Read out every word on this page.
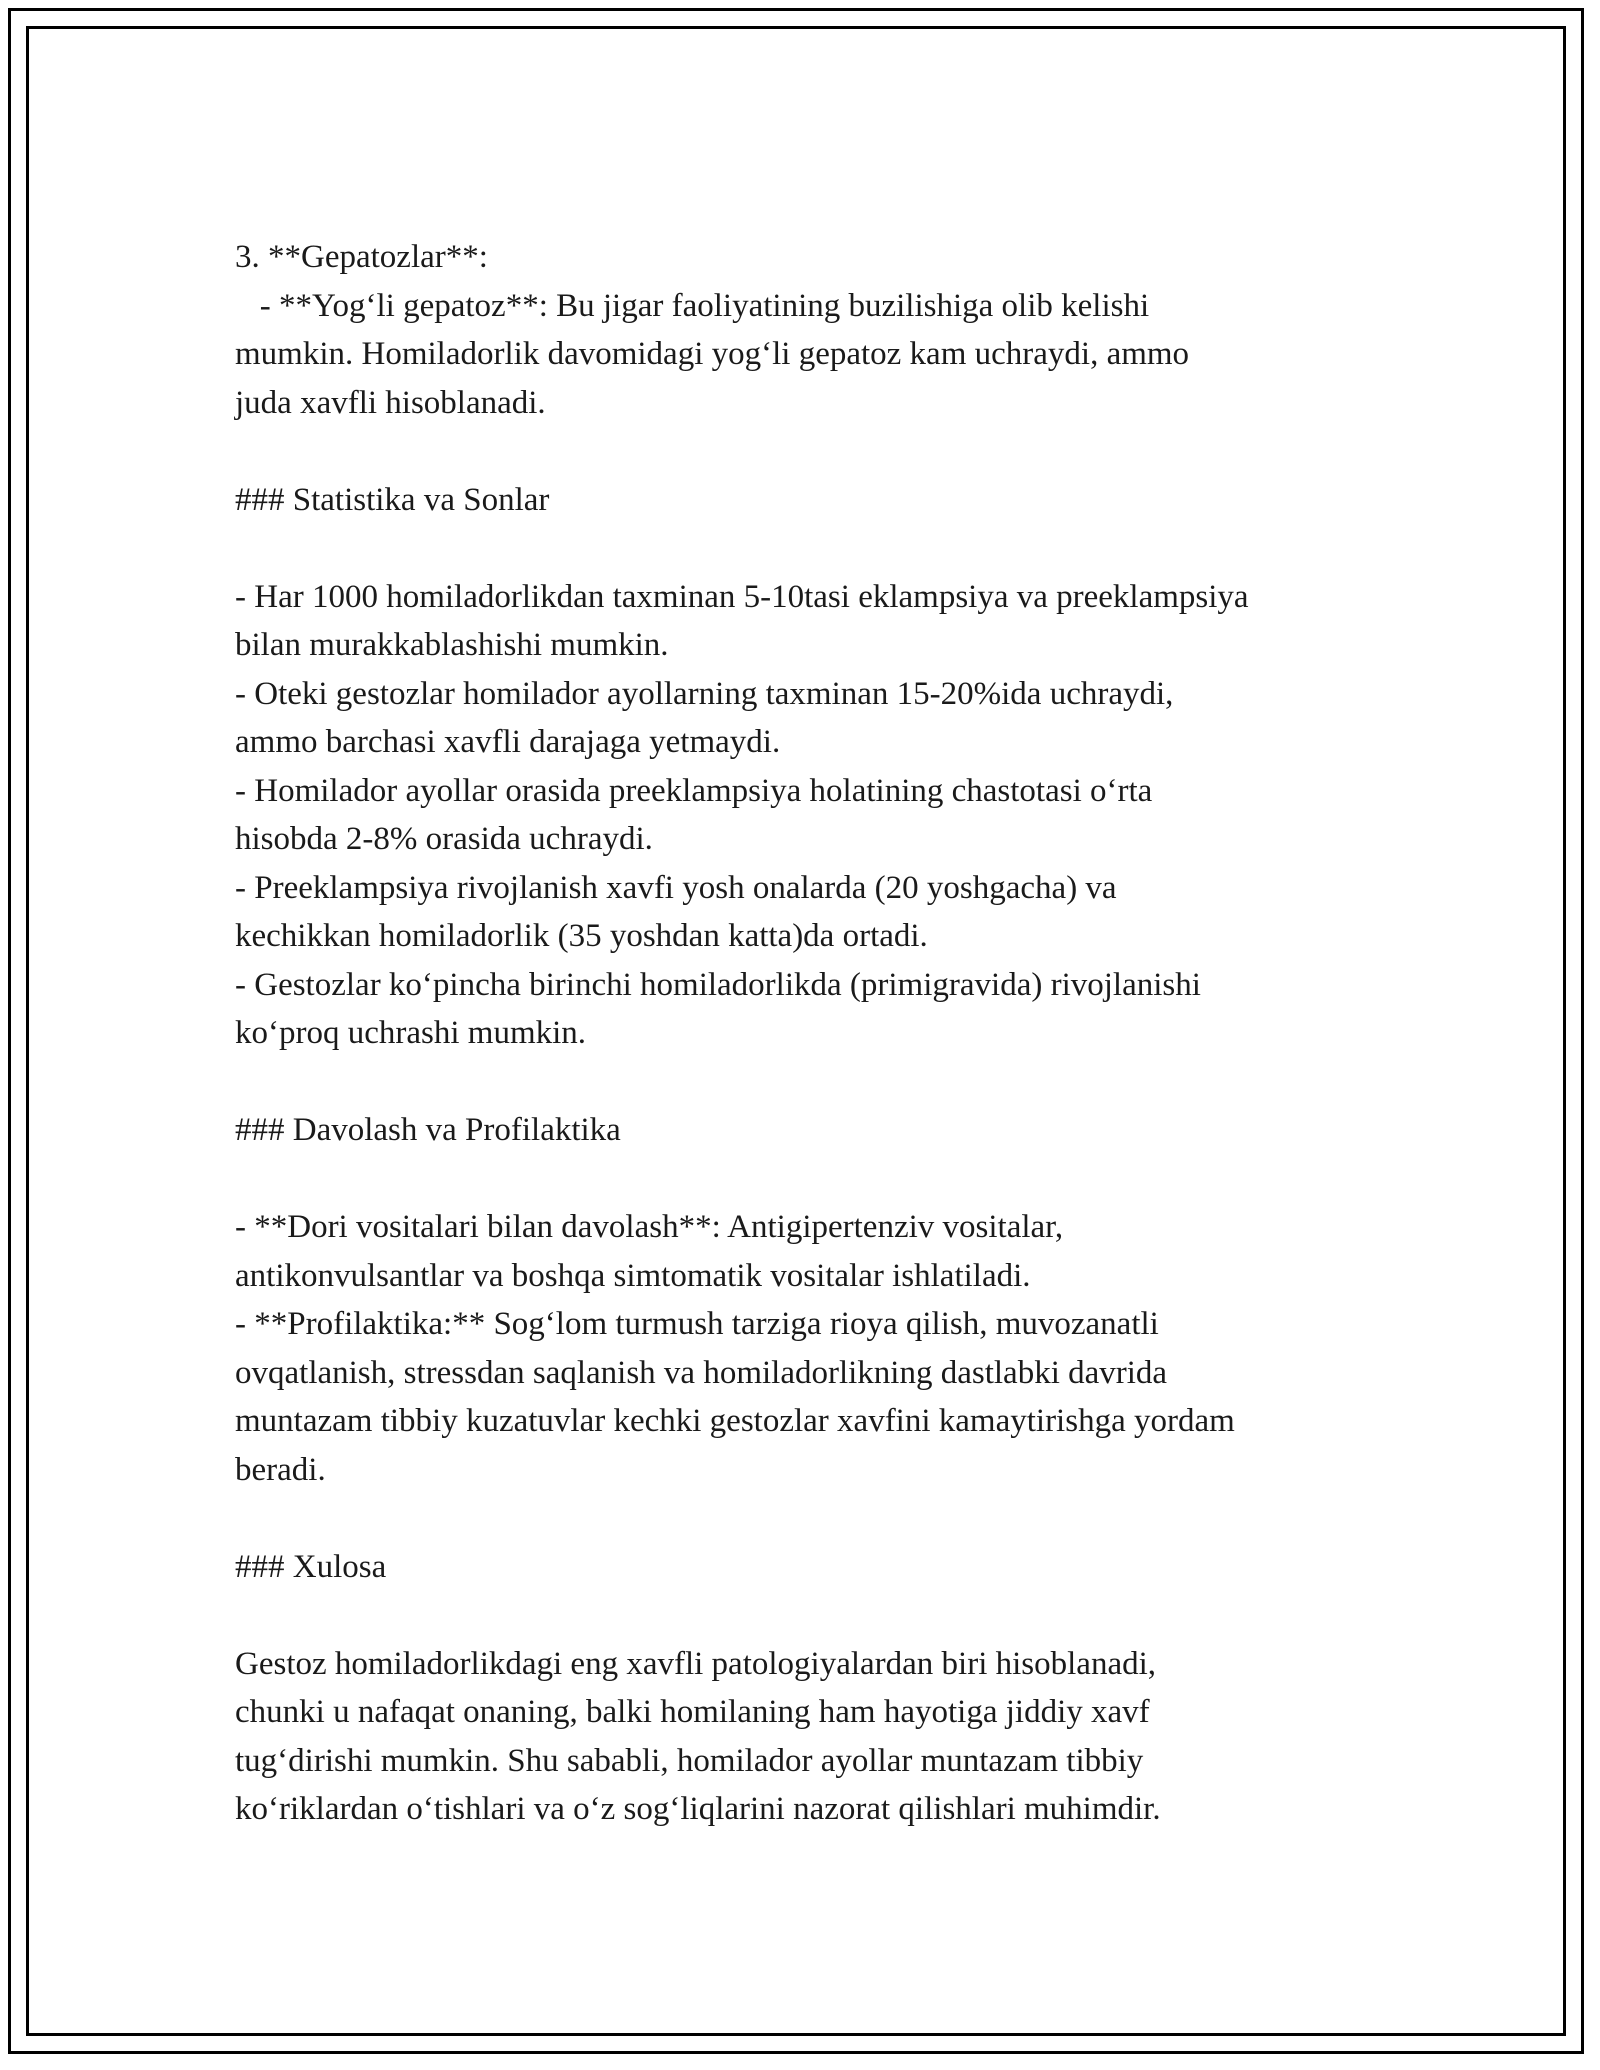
3. **Gepatozlar**:
- **Yog‘li gepatoz**: Bu jigar faoliyatining buzilishiga olib kelishi
mumkin. Homiladorlik davomidagi yog‘li gepatoz kam uchraydi, ammo
juda xavfli hisoblanadi.
### Statistika va Sonlar
- Har 1000 homiladorlikdan taxminan 5-10tasi eklampsiya va preeklampsiya
bilan murakkablashishi mumkin.
- Oteki gestozlar homilador ayollarning taxminan 15-20%ida uchraydi,
ammo barchasi xavfli darajaga yetmaydi.
- Homilador ayollar orasida preeklampsiya holatining chastotasi o‘rta
hisobda 2-8% orasida uchraydi.
- Preeklampsiya rivojlanish xavfi yosh onalarda (20 yoshgacha) va
kechikkan homiladorlik (35 yoshdan katta)da ortadi.
- Gestozlar ko‘pincha birinchi homiladorlikda (primigravida) rivojlanishi
ko‘proq uchrashi mumkin.
### Davolash va Profilaktika
- **Dori vositalari bilan davolash**: Antigipertenziv vositalar,
antikonvulsantlar va boshqa simtomatik vositalar ishlatiladi.
- **Profilaktika:** Sog‘lom turmush tarziga rioya qilish, muvozanatli
ovqatlanish, stressdan saqlanish va homiladorlikning dastlabki davrida
muntazam tibbiy kuzatuvlar kechki gestozlar xavfini kamaytirishga yordam
beradi.
### Xulosa
Gestoz homiladorlikdagi eng xavfli patologiyalardan biri hisoblanadi,
chunki u nafaqat onaning, balki homilaning ham hayotiga jiddiy xavf
tug‘dirishi mumkin. Shu sababli, homilador ayollar muntazam tibbiy
ko‘riklardan o‘tishlari va o‘z sog‘liqlarini nazorat qilishlari muhimdir.
